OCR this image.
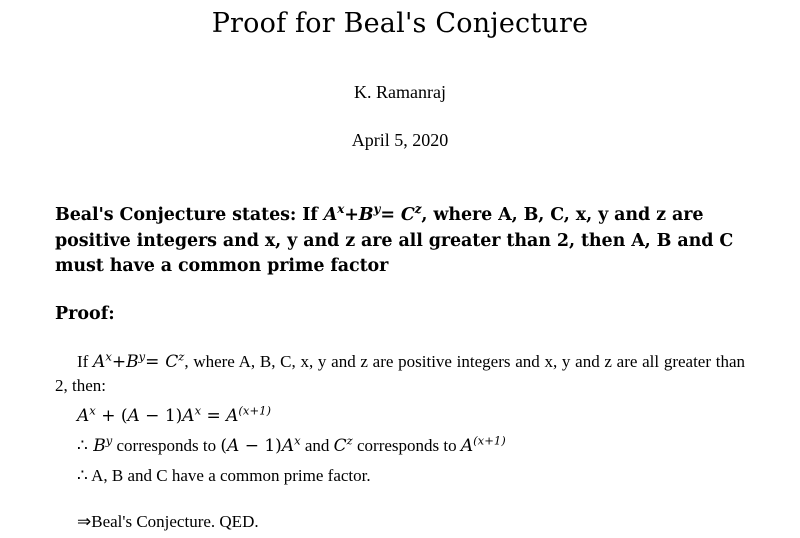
Proof for Beal's Conjecture
K. Ramanraj
April 5, 2020
Beal's Conjecture states: If $A^x+B^y= C^z$, where A, B, C, x, y and z are positive integers and x, y and z are all greater than 2, then A, B and C must have a common prime factor
Proof:
If $A^x+B^y= C^z$, where A, B, C, x, y and z are positive integers and x, y and z are all greater than 2, then:
$A^x + (A - 1)A^x = A^{(x+1)}$
∴ $B^y$ corresponds to $(A - 1)A^x$ and $C^z$ corresponds to $A^{(x+1)}$
∴ A, B and C have a common prime factor.
⇒Beal's Conjecture. QED.
